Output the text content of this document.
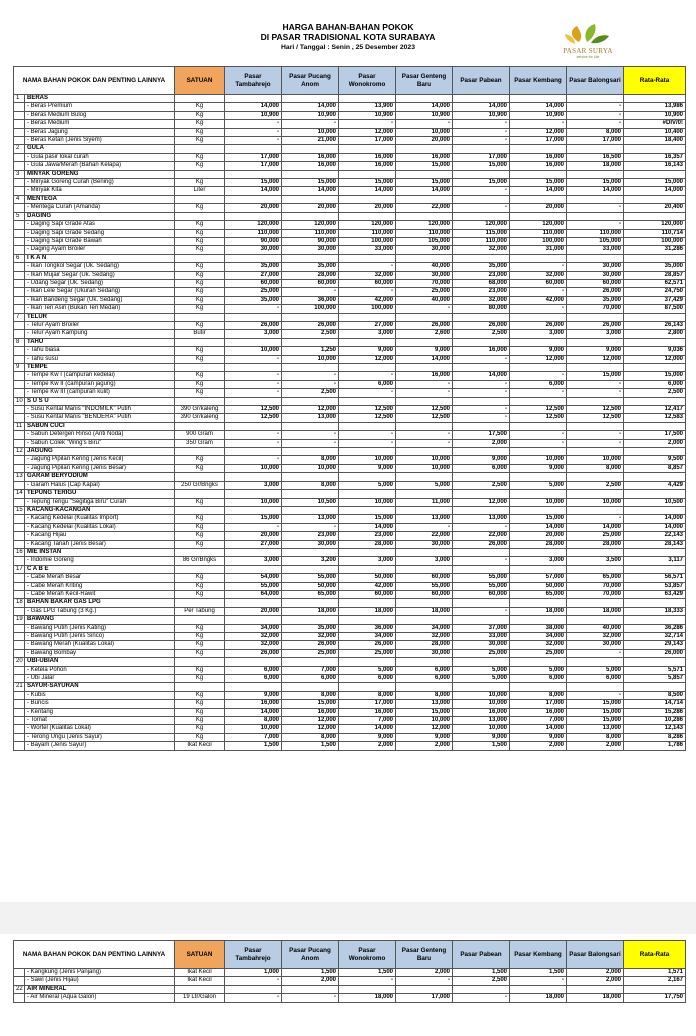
HARGA BAHAN-BAHAN POKOK
DI PASAR TRADISIONAL KOTA SURABAYA
Hari / Tanggal : Senin , 25 Desember 2023	PASAR SURYA
service for Life
NAMA BAHAN POKOK DAN PENTING LAINNYA		SATUAN	Pasar Tambahrejo	Pasar Pucang Anom	Pasar Wonokromo	Pasar Genteng Baru	Pasar Pabean	Pasar Kembang	Pasar Balongsari	Rata-Rata
1	BERAS									
	- Beras Premium	Kg	14,000	14,000	13,900	14,000	14,000	14,000	-	13,986
	- Beras Medium Bulog	Kg	10,900	10,900	10,900	10,900	10,900	10,900	-	10,900
	- Beras Medium	Kg	-	-	-	-	-	-	-	#DIV/0!
	- Beras Jagung	Kg	-	10,000	12,000	10,000	-	12,000	8,000	10,400
	- Beras Ketan (Jenis Siyem)	Kg	-	21,000	17,000	20,000	-	17,000	17,000	18,400
2	GULA									
	- Gula pasir lokal curah	Kg	17,000	16,000	16,000	16,000	17,000	16,000	16,500	16,357
	- Gula Jawa/Merah (Bahan Kelapa)	Kg	17,000	16,000	16,000	15,000	15,000	16,000	18,000	16,143
3	MINYAK GORENG									
	- Minyak Goreng Curah (Bening)	Kg	15,000	15,000	15,000	15,000	15,000	15,000	15,000	15,000
	- Minyak Kita	Liter	14,000	14,000	14,000	14,000	-	14,000	14,000	14,000
4	MENTEGA									
	- Mentega Curah (Amanda)	Kg	20,000	20,000	20,000	22,000	-	20,000	-	20,400
5	DAGING									
	- Daging Sapi Grade Atas	Kg	120,000	120,000	120,000	120,000	120,000	120,000	-	120,000
	- Daging Sapi Grade Sedang	Kg	110,000	110,000	110,000	110,000	115,000	110,000	110,000	110,714
	- Daging Sapi Grade Bawah	Kg	90,000	90,000	100,000	105,000	110,000	100,000	105,000	100,000
	- Daging Ayam Broiler	Kg	30,000	30,000	33,000	30,000	32,000	31,000	33,000	31,286
6	I K A N									
	- Ikan Tongkol Segar (Uk. Sedang)	Kg	35,000	35,000	-	40,000	35,000	-	30,000	35,000
	- Ikan Mujair Segar (Uk. Sedang)	Kg	27,000	28,000	32,000	30,000	23,000	32,000	30,000	28,857
	- Udang Segar (Uk. Sedang)	Kg	60,000	60,000	60,000	70,000	68,000	60,000	60,000	62,571
	- Ikan Lele Segar (Ukuran Sedang)	Kg	25,000	-	-	25,000	23,000	-	26,000	24,750
	- Ikan Bandeng Segar (Uk. Sedang)	Kg	35,000	36,000	42,000	40,000	32,000	42,000	35,000	37,429
	- Ikan Teri Asin (Bukan Teri Medan)	Kg	-	100,000	100,000	-	80,000	-	70,000	87,500
7	TELUR									
	- Telur Ayam Broiler	Kg	26,000	26,000	27,000	26,000	26,000	26,000	26,000	26,143
	- Telur Ayam Kampung	Butir	3,000	2,500	3,000	2,600	2,500	3,000	3,000	2,800
8	TAHU									
	- Tahu biasa	Kg	10,000	1,250	9,000	9,000	16,000	9,000	9,000	9,036
	- Tahu susu	Kg	-	10,000	12,000	14,000	-	12,000	12,000	12,000
9	TEMPE									
	- Tempe Kw I (campuran kedelai)	Kg	-	-	-	16,000	14,000	-	15,000	15,000
	- Tempe Kw II (campuran jagung)	Kg	-	-	6,000	-	-	6,000	-	6,000
	- Tempe Kw III (campuran kulit)	Kg	-	2,500	-	-	-	-	-	2,500
10	S U S U									
	- Susu Kental Manis "INDOMILK" Putih	390 Gr/kaleng	12,500	12,000	12,500	12,500	-	12,500	12,500	12,417
	- Susu Kental Manis "BENDERA" Putih	390 Gr/kaleng	12,500	13,000	12,500	12,500	-	12,500	12,500	12,583
11	SABUN CUCI									
	- Sabun Detergen Rinso (Anti Noda)	900 Gram	-	-	-	-	17,500	-	-	17,500
	- Sabun Colek "Wing's Biru"	350 Gram	-	-	-	-	2,000	-	-	2,000
12	JAGUNG									
	- Jagung Pipilan Kering (Jenis Kecil)	Kg	-	8,000	10,000	10,000	9,000	10,000	10,000	9,500
	- Jagung Pipilan Kering (Jenis Besar)	Kg	10,000	10,000	9,000	10,000	6,000	9,000	8,000	8,857
13	GARAM BERYODIUM									
	- Garam Halus (Cap Kapal)	250 Gr/Bngks	3,000	8,000	5,000	5,000	2,500	5,000	2,500	4,429
14	TEPUNG TERIGU									
	- Tepung Terigu "Segitiga Biru" Curah	Kg	10,000	10,500	10,000	11,000	12,000	10,000	10,000	10,500
15	KACANG-KACANGAN									
	- Kacang Kedelai (Kualitas Import)	Kg	15,000	13,000	15,000	13,000	13,000	15,000	-	14,000
	- Kacang Kedelai (Kualitas Lokal)	Kg	-	-	14,000	-	-	14,000	14,000	14,000
	- Kacang Hijau	Kg	20,000	23,000	23,000	22,000	22,000	20,000	25,000	22,143
	- Kacang Tanah (Jenis Besar)	Kg	27,000	30,000	28,000	30,000	26,000	28,000	28,000	28,143
16	MIE INSTAN									
	- Indomie Goreng	86 Gr/Bngks	3,000	3,200	3,000	3,000	-	3,000	3,500	3,117
17	C A B E									
	- Cabe Merah Besar	Kg	54,000	55,000	50,000	60,000	55,000	57,000	65,000	56,571
	- Cabe Merah Kriting	Kg	55,000	50,000	42,000	55,000	55,000	50,000	70,000	53,857
	- Cabe Merah Kecil-Rawit	Kg	64,000	65,000	60,000	60,000	60,000	65,000	70,000	63,429
18	BAHAN BAKAR GAS LPG									
	- Gas LPG Tabung (3 Kg.)	Per Tabung	20,000	18,000	18,000	18,000	-	18,000	18,000	18,333
19	BAWANG									
	- Bawang Putih (Jenis Kating)	Kg	34,000	35,000	36,000	34,000	37,000	38,000	40,000	36,286
	- Bawang Putih (Jenis Sinco)	Kg	32,000	32,000	34,000	32,000	33,000	34,000	32,000	32,714
	- Bawang Merah (Kualitas Lokal)	Kg	32,000	26,000	26,000	28,000	30,000	32,000	30,000	29,143
	- Bawang Bombay	Kg	26,000	25,000	25,000	30,000	25,000	25,000	-	26,000
20	UBI-UBIAN									
	- Ketela Pohon	Kg	6,000	7,000	5,000	6,000	5,000	5,000	5,000	5,571
	- Ubi Jalar	Kg	6,000	6,000	6,000	6,000	5,000	6,000	6,000	5,857
21	SAYUR-SAYURAN									
	- Kubis	Kg	9,000	8,000	8,000	8,000	10,000	8,000	-	8,500
	- Buncis	Kg	16,000	15,000	17,000	13,000	10,000	17,000	15,000	14,714
	- Kentang	Kg	14,000	16,000	16,000	15,000	16,000	16,000	15,000	15,286
	- Tomat	Kg	8,000	12,000	7,000	10,000	13,000	7,000	15,000	10,286
	- Wortel (Kualitas Lokal)	Kg	10,000	12,000	14,000	12,000	10,000	14,000	13,000	12,143
	- Terong Ungu (Jenis Sayur)	Kg	7,000	8,000	9,000	9,000	9,000	9,000	8,000	8,286
	- Bayam (Jenis Sayur)	Ikat Kecil	1,500	1,500	2,000	2,000	1,500	2,000	2,000	1,786
NAMA BAHAN POKOK DAN PENTING LAINNYA		SATUAN	Pasar Tambahrejo	Pasar Pucang Anom	Pasar Wonokromo	Pasar Genteng Baru	Pasar Pabean	Pasar Kembang	Pasar Balongsari	Rata-Rata
	- Kangkung (Jenis Panjang)	Ikat Kecil	1,000	1,500	1,500	2,000	1,500	1,500	2,000	1,571
	- Sawi (Jenis Hijau)	Ikat Kecil	-	2,000	-	-	2,500	-	2,000	2,167
22	AIR MINERAL									
	- Air Mineral (Aqua Galon)	19 Ltr/Galon	-	-	18,000	17,000	-	18,000	18,000	17,750
